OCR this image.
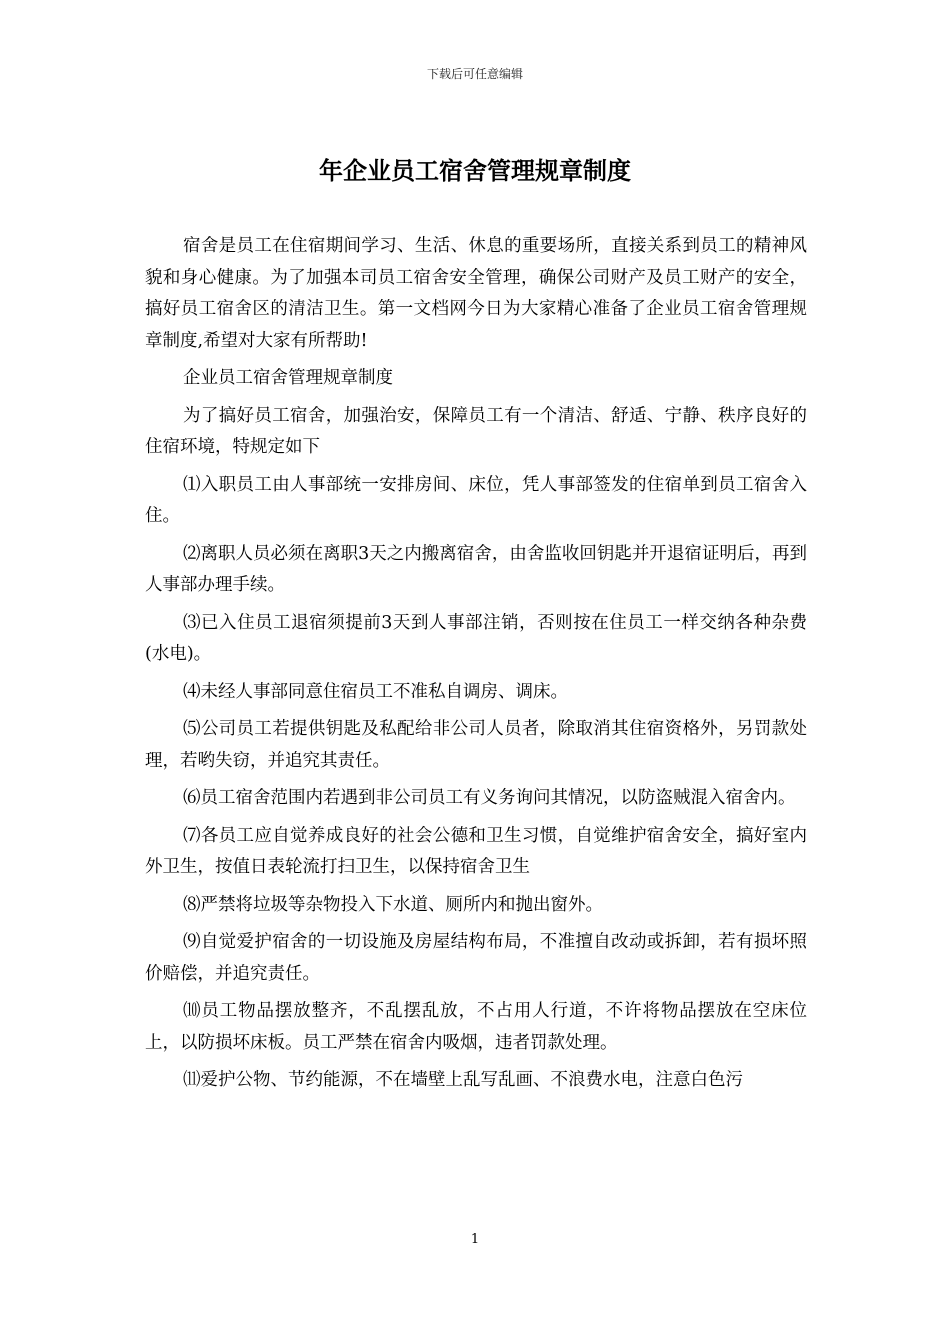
下载后可任意编辑
年企业员工宿舍管理规章制度

宿舍是员工在住宿期间学习、生活、休息的重要场所，直接关系到员工的精神风貌和身心健康。为了加强本司员工宿舍安全管理，确保公司财产及员工财产的安全，搞好员工宿舍区的清洁卫生。第一文档网今日为大家精心准备了企业员工宿舍管理规章制度,希望对大家有所帮助!

企业员工宿舍管理规章制度

为了搞好员工宿舍，加强治安，保障员工有一个清洁、舒适、宁静、秩序良好的住宿环境，特规定如下

⑴入职员工由人事部统一安排房间、床位，凭人事部签发的住宿单到员工宿舍入住。

⑵离职人员必须在离职3天之内搬离宿舍，由舍监收回钥匙并开退宿证明后，再到人事部办理手续。

⑶已入住员工退宿须提前3天到人事部注销，否则按在住员工一样交纳各种杂费(水电)。

⑷未经人事部同意住宿员工不准私自调房、调床。

⑸公司员工若提供钥匙及私配给非公司人员者，除取消其住宿资格外，另罚款处理，若哟失窃，并追究其责任。

⑹员工宿舍范围内若遇到非公司员工有义务询问其情况，以防盗贼混入宿舍内。

⑺各员工应自觉养成良好的社会公德和卫生习惯，自觉维护宿舍安全，搞好室内外卫生，按值日表轮流打扫卫生，以保持宿舍卫生

⑻严禁将垃圾等杂物投入下水道、厕所内和抛出窗外。

⑼自觉爱护宿舍的一切设施及房屋结构布局，不准擅自改动或拆卸，若有损坏照价赔偿，并追究责任。

⑽员工物品摆放整齐，不乱摆乱放，不占用人行道，不许将物品摆放在空床位上，以防损坏床板。员工严禁在宿舍内吸烟，违者罚款处理。

⑾爱护公物、节约能源，不在墙壁上乱写乱画、不浪费水电，注意白色污

1
